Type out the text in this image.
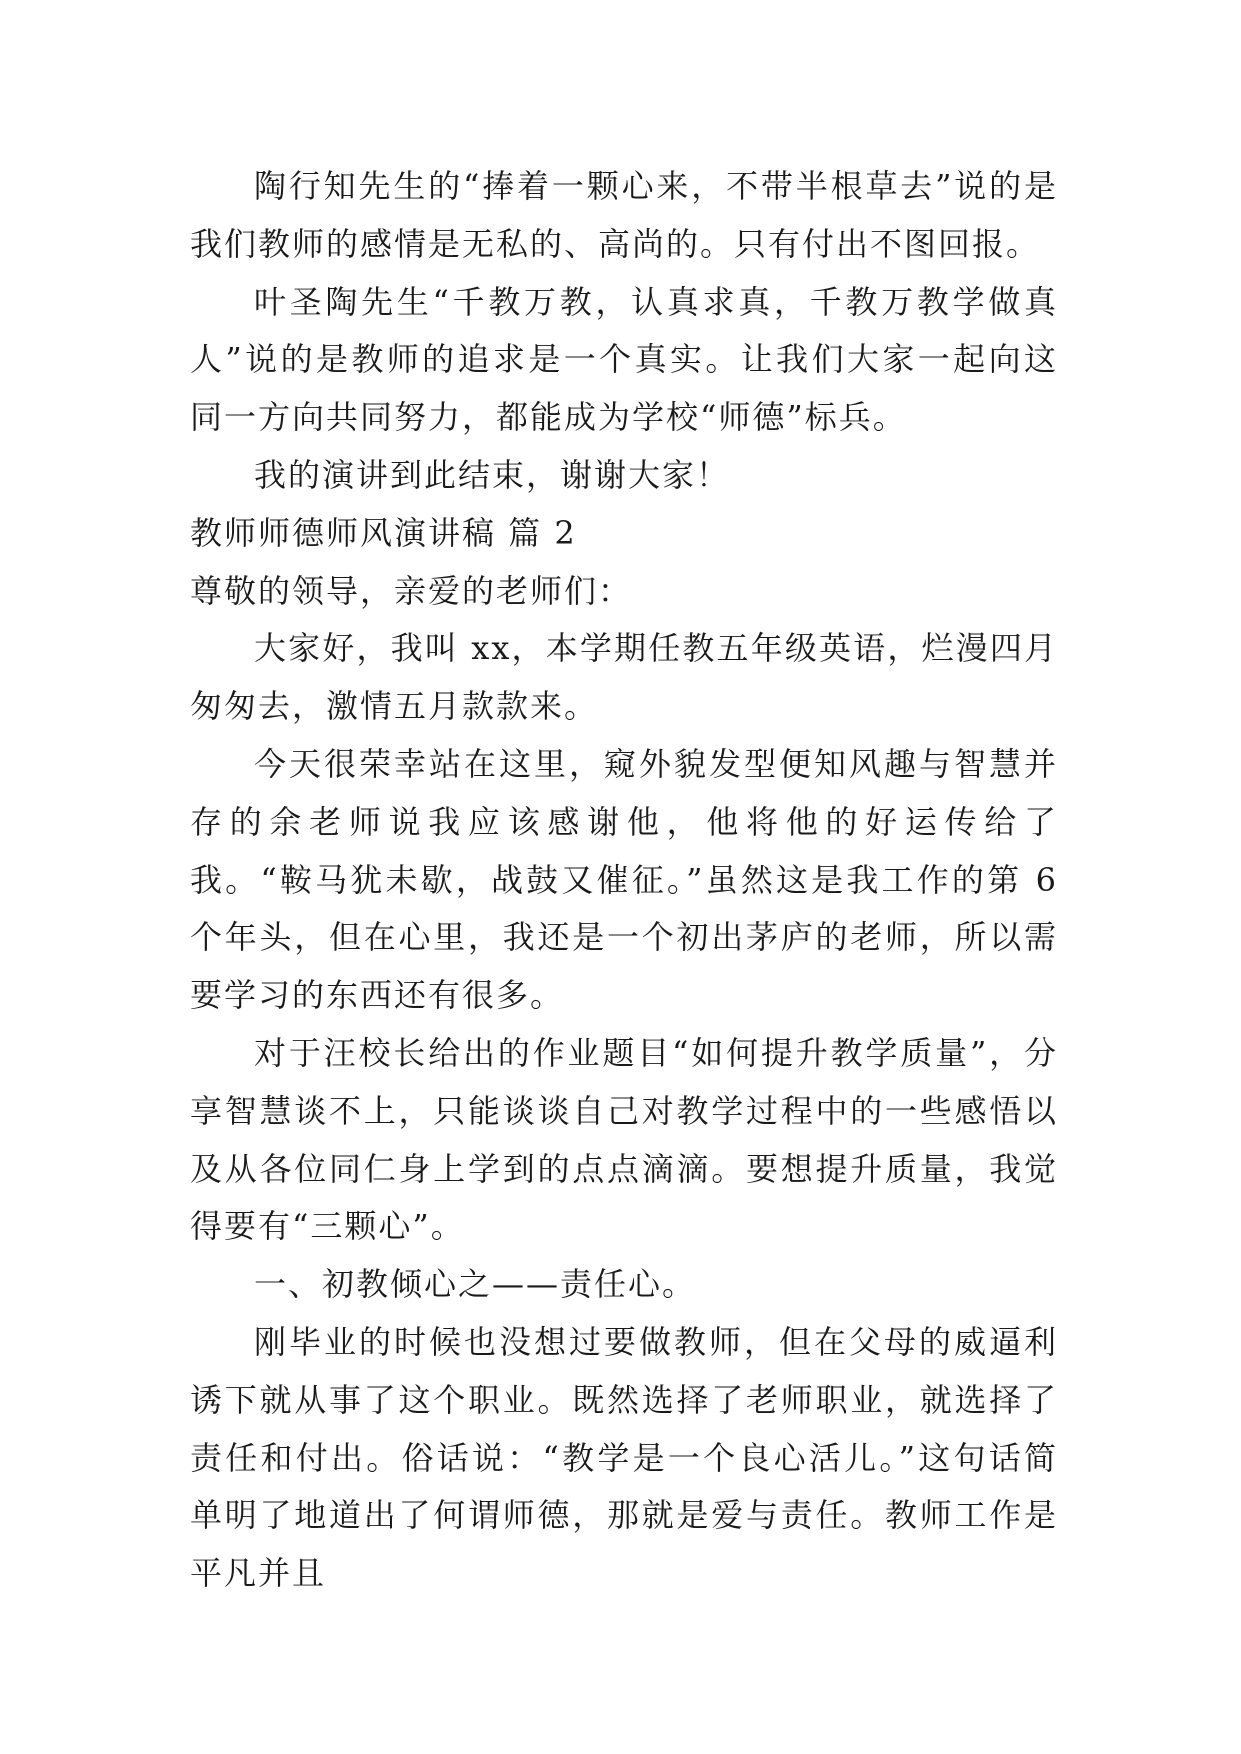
陶行知先生的“捧着一颗心来，不带半根草去”说的是我们教师的感情是无私的、高尚的。只有付出不图回报。

叶圣陶先生“千教万教，认真求真，千教万教学做真人”说的是教师的追求是一个真实。让我们大家一起向这同一方向共同努力，都能成为学校“师德”标兵。

我的演讲到此结束，谢谢大家！

教师师德师风演讲稿 篇 2

尊敬的领导，亲爱的老师们：

大家好，我叫 xx，本学期任教五年级英语，烂漫四月匆匆去，激情五月款款来。

今天很荣幸站在这里，窥外貌发型便知风趣与智慧并存的余老师说我应该感谢他，他将他的好运传给了我。“鞍马犹未歇，战鼓又催征。”虽然这是我工作的第 6 个年头，但在心里，我还是一个初出茅庐的老师，所以需要学习的东西还有很多。

对于汪校长给出的作业题目“如何提升教学质量”，分享智慧谈不上，只能谈谈自己对教学过程中的一些感悟以及从各位同仁身上学到的点点滴滴。要想提升质量，我觉得要有“三颗心”。

一、初教倾心之——责任心。

刚毕业的时候也没想过要做教师，但在父母的威逼利诱下就从事了这个职业。既然选择了老师职业，就选择了责任和付出。俗话说：“教学是一个良心活儿。”这句话简单明了地道出了何谓师德，那就是爱与责任。教师工作是平凡并且
